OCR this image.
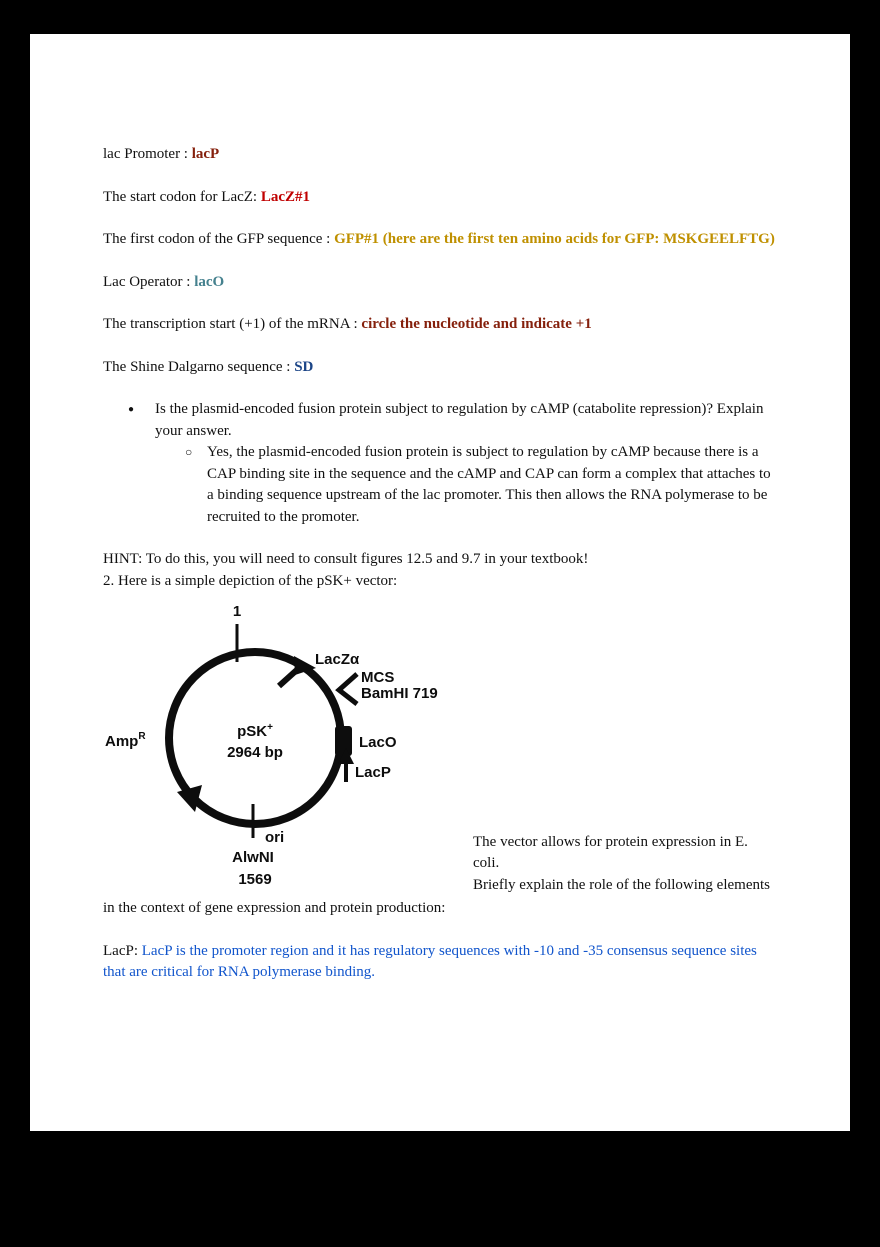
lac Promoter : lacP

The start codon for LacZ: LacZ#1

The first codon of the GFP sequence : GFP#1 (here are the first ten amino acids for GFP: MSKGEELFTG)

Lac Operator : lacO

The transcription start (+1) of the mRNA : circle the nucleotide and indicate +1

The Shine Dalgarno sequence : SD

●	Is the plasmid-encoded fusion protein subject to regulation by cAMP (catabolite repression)? Explain your answer.
○ Yes, the plasmid-encoded fusion protein is subject to regulation by cAMP because there is a CAP binding site in the sequence and the cAMP and CAP can form a complex that attaches to a binding sequence upstream of the lac promoter. This then allows the RNA polymerase to be recruited to the promoter.

HINT: To do this, you will need to consult figures 12.5 and 9.7 in your textbook!

2. Here is a simple depiction of the pSK+ vector:

1
LacZα
MCS
BamHI 719
LacO
LacP
Amp$^R$	pSK+
2964 bp
ori
AlwNI
1569

The vector allows for protein expression in E. coli.

Briefly explain the role of the following elements

in the context of gene expression and protein production:

LacP: LacP is the promoter region and it has regulatory sequences with -10 and -35 consensus sequence sites that are critical for RNA polymerase binding.
